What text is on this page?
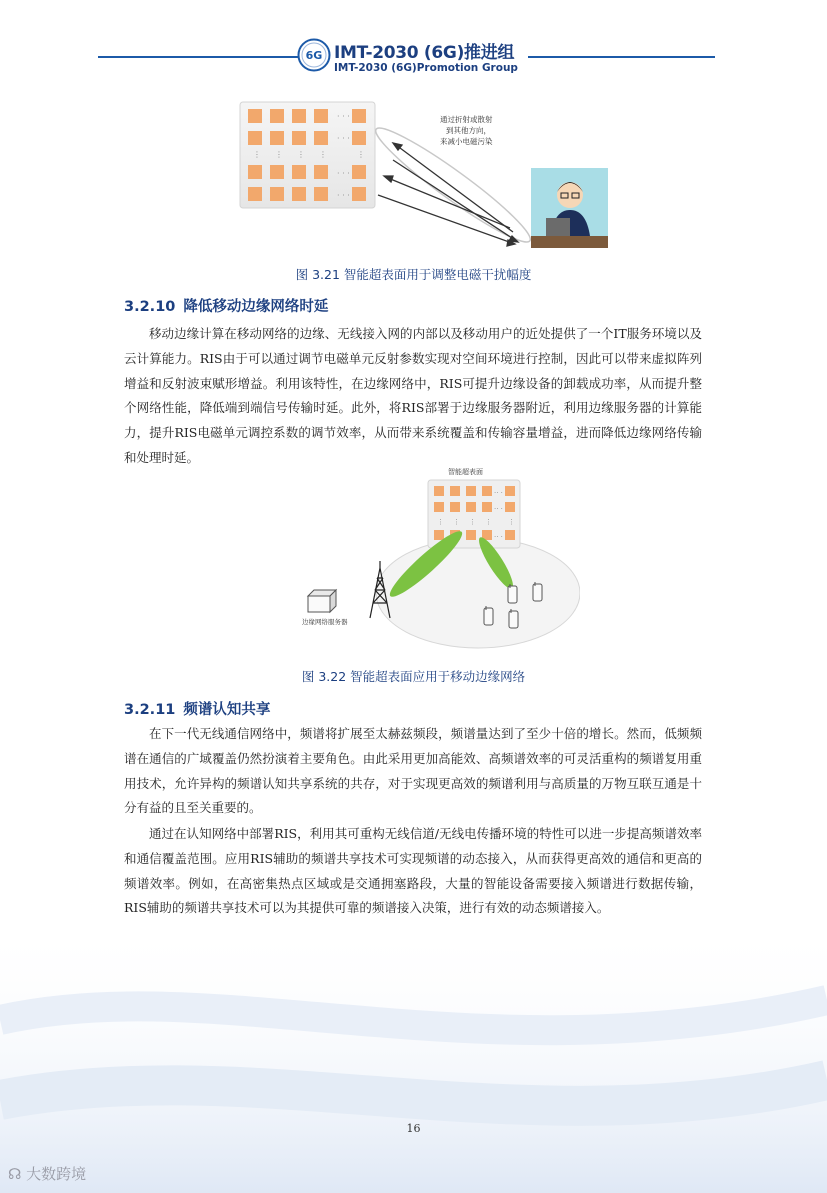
6G IMT-2030 (6G)推进组
IMT-2030 (6G)Promotion Group
· · ·
· · ·
· · ·
· · ·
⋮ ⋮ ⋮ ⋮	⋮
通过折射或散射
到其他方向，
来减小电磁污染
图 3.21 智能超表面用于调整电磁干扰幅度
3.2.10 降低移动边缘网络时延
移动边缘计算在移动网络的边缘、无线接入网的内部以及移动用户的近处提供了一个IT服务环境以及云计算能力。RIS由于可以通过调节电磁单元反射参数实现对空间环境进行控制，因此可以带来虚拟阵列增益和反射波束赋形增益。利用该特性，在边缘网络中，RIS可提升边缘设备的卸载成功率，从而提升整个网络性能，降低端到端信号传输时延。此外，将RIS部署于边缘服务器附近，利用边缘服务器的计算能力，提升RIS电磁单元调控系数的调节效率，从而带来系统覆盖和传输容量增益，进而降低边缘网络传输和处理时延。
智能超表面
·· ·
·· ·
·· ·
⋮ ⋮ ⋮ ⋮ ⋮
边缘网络服务器
图 3.22 智能超表面应用于移动边缘网络
3.2.11 频谱认知共享
在下一代无线通信网络中，频谱将扩展至太赫兹频段，频谱量达到了至少十倍的增长。然而，低频频谱在通信的广域覆盖仍然扮演着主要角色。由此采用更加高能效、高频谱效率的可灵活重构的频谱复用重用技术，允许异构的频谱认知共享系统的共存，对于实现更高效的频谱利用与高质量的万物互联互通是十分有益的且至关重要的。
通过在认知网络中部署RIS，利用其可重构无线信道/无线电传播环境的特性可以进一步提高频谱效率和通信覆盖范围。应用RIS辅助的频谱共享技术可实现频谱的动态接入，从而获得更高效的通信和更高的频谱效率。例如，在高密集热点区域或是交通拥塞路段，大量的智能设备需要接入频谱进行数据传输，RIS辅助的频谱共享技术可以为其提供可靠的频谱接入决策，进行有效的动态频谱接入。
16
☊ 大数跨境
